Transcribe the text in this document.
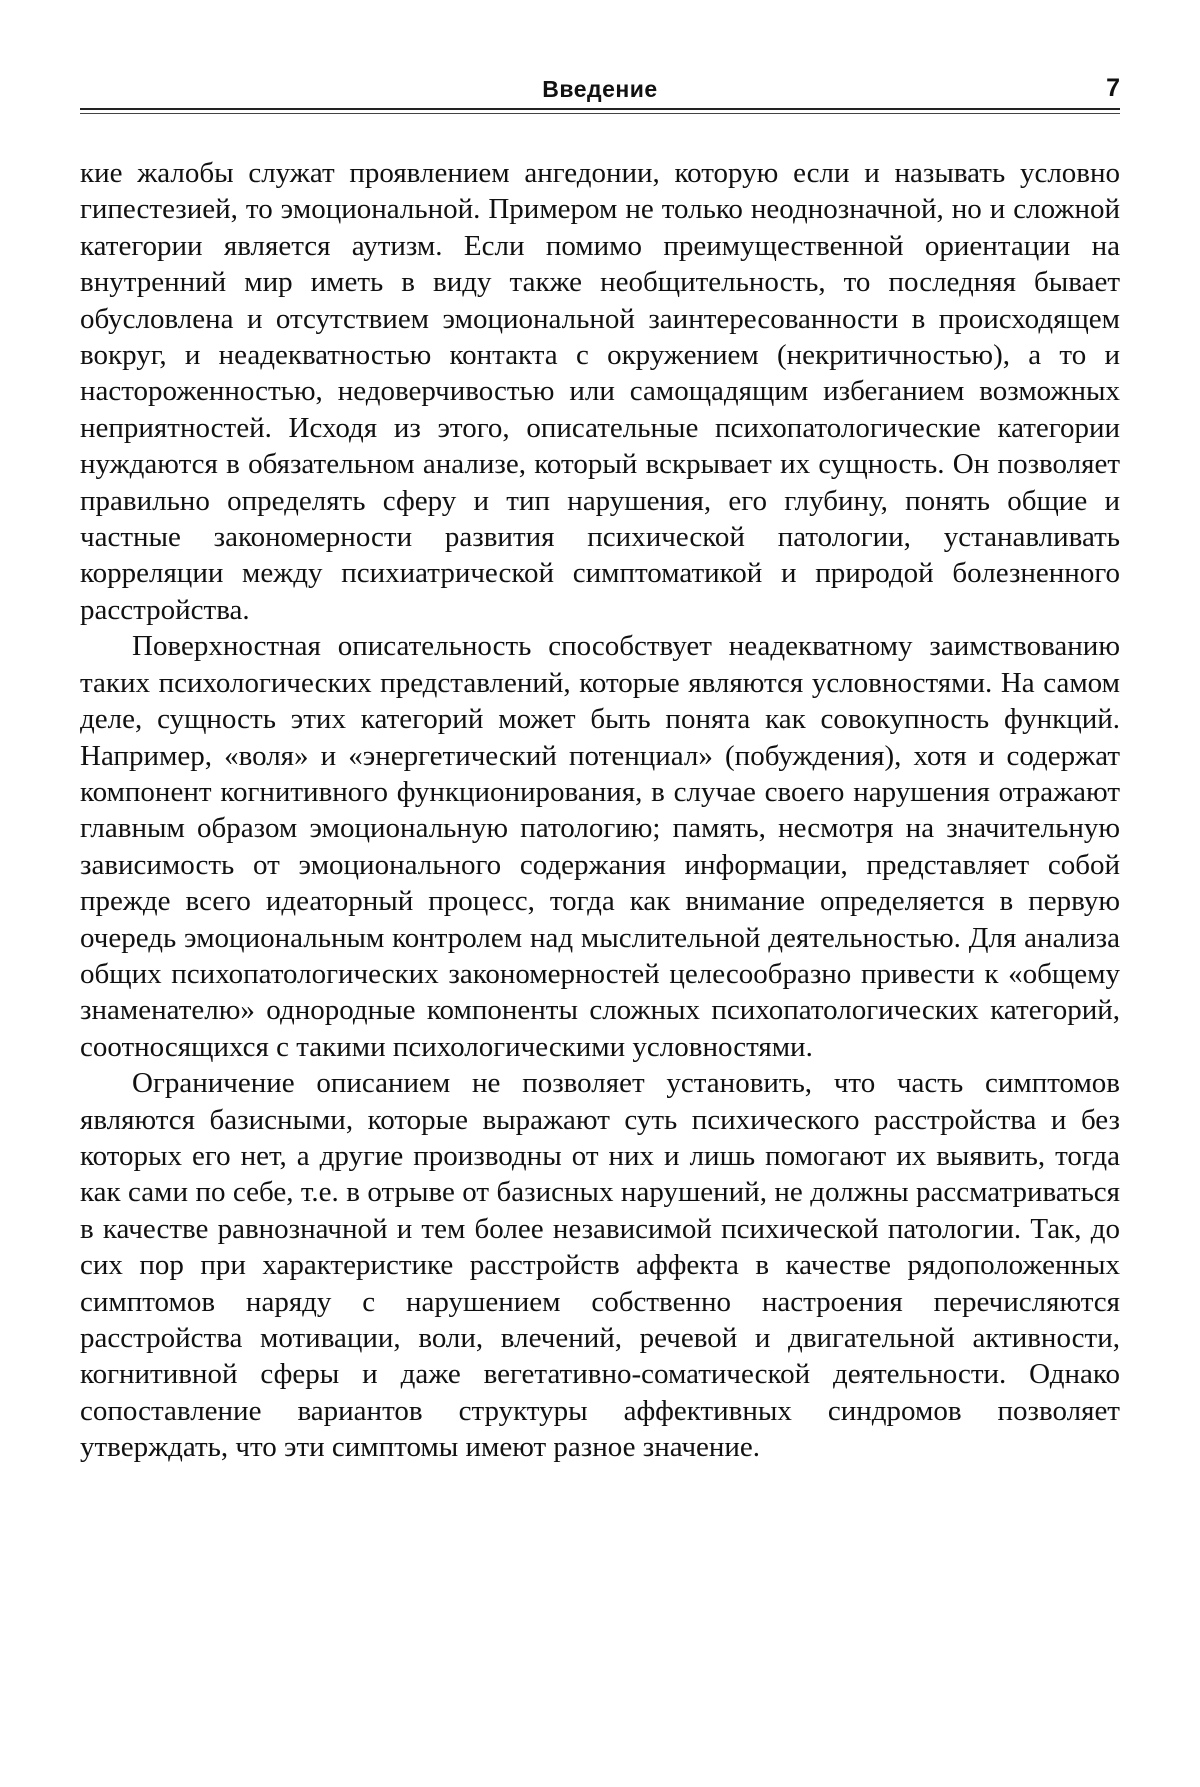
Введение	7

кие жалобы служат проявлением ангедонии, которую если и называть условно гипестезией, то эмоциональной. Примером не только неоднозначной, но и сложной категории является аутизм. Если помимо преимущественной ориентации на внутренний мир иметь в виду также необщительность, то последняя бывает обусловлена и отсутствием эмоциональной заинтересованности в происходящем вокруг, и неадекватностью контакта с окружением (некритичностью), а то и настороженностью, недоверчивостью или самощадящим избеганием возможных неприятностей. Исходя из этого, описательные психопатологические категории нуждаются в обязательном анализе, который вскрывает их сущность. Он позволяет правильно определять сферу и тип нарушения, его глубину, понять общие и частные закономерности развития психической патологии, устанавливать корреляции между психиатрической симптоматикой и природой болезненного расстройства.

Поверхностная описательность способствует неадекватному заимствованию таких психологических представлений, которые являются условностями. На самом деле, сущность этих категорий может быть понята как совокупность функций. Например, «воля» и «энергетический потенциал» (побуждения), хотя и содержат компонент когнитивного функционирования, в случае своего нарушения отражают главным образом эмоциональную патологию; память, несмотря на значительную зависимость от эмоционального содержания информации, представляет собой прежде всего идеаторный процесс, тогда как внимание определяется в первую очередь эмоциональным контролем над мыслительной деятельностью. Для анализа общих психопатологических закономерностей целесообразно привести к «общему знаменателю» однородные компоненты сложных психопатологических категорий, соотносящихся с такими психологическими условностями.

Ограничение описанием не позволяет установить, что часть симптомов являются базисными, которые выражают суть психического расстройства и без которых его нет, а другие производны от них и лишь помогают их выявить, тогда как сами по себе, т.е. в отрыве от базисных нарушений, не должны рассматриваться в качестве равнозначной и тем более независимой психической патологии. Так, до сих пор при характеристике расстройств аффекта в качестве рядоположенных симптомов наряду с нарушением собственно настроения перечисляются расстройства мотивации, воли, влечений, речевой и двигательной активности, когнитивной сферы и даже вегетативно-соматической деятельности. Однако сопоставление вариантов структуры аффективных синдромов позволяет утверждать, что эти симптомы имеют разное значение.
